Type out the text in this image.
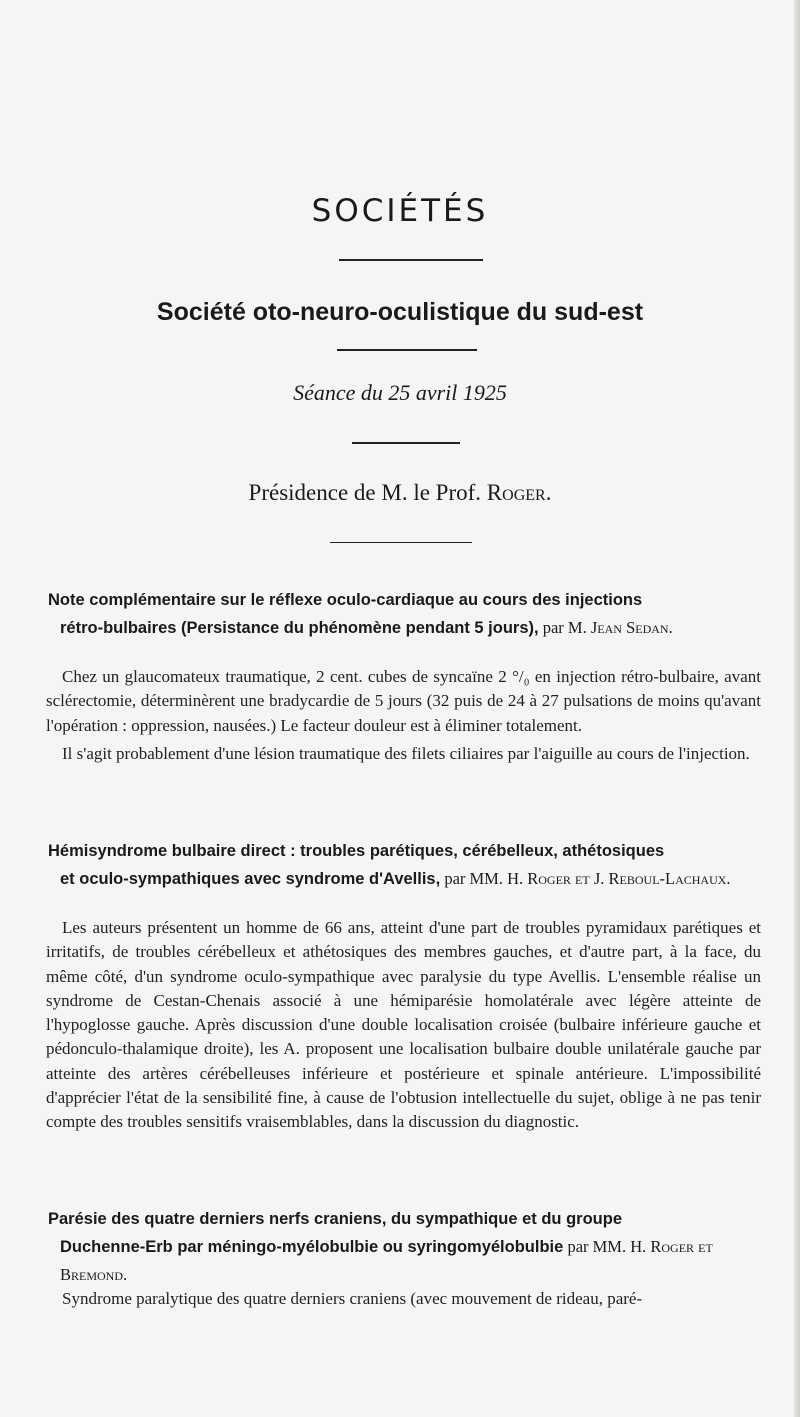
SOCIÉTÉS
Société oto-neuro-oculistique du sud-est
Séance du 25 avril 1925
Présidence de M. le Prof. Roger.
Note complémentaire sur le réflexe oculo-cardiaque au cours des injections
rétro-bulbaires (Persistance du phénomène pendant 5 jours), par M. Jean Sedan.

Chez un glaucomateux traumatique, 2 cent. cubes de syncaïne 2 °/₀ en injection rétro-bulbaire, avant sclérectomie, déterminèrent une bradycardie de 5 jours (32 puis de 24 à 27 pulsations de moins qu'avant l'opération : oppression, nausées.) Le facteur douleur est à éliminer totalement.

Il s'agit probablement d'une lésion traumatique des filets ciliaires par l'aiguille au cours de l'injection.

Hémisyndrome bulbaire direct : troubles parétiques, cérébelleux, athétosiques
et oculo-sympathiques avec syndrome d'Avellis, par MM. H. Roger et J. Reboul-Lachaux.

Les auteurs présentent un homme de 66 ans, atteint d'une part de troubles pyramidaux parétiques et irritatifs, de troubles cérébelleux et athétosiques des membres gauches, et d'autre part, à la face, du même côté, d'un syndrome oculo-sympathique avec paralysie du type Avellis. L'ensemble réalise un syndrome de Cestan-Chenais associé à une hémiparésie homolatérale avec légère atteinte de l'hypoglosse gauche. Après discussion d'une double localisation croisée (bulbaire inférieure gauche et pédonculo-thalamique droite), les A. proposent une localisation bulbaire double unilatérale gauche par atteinte des artères cérébelleuses inférieure et postérieure et spinale antérieure. L'impossibilité d'apprécier l'état de la sensibilité fine, à cause de l'obtusion intellectuelle du sujet, oblige à ne pas tenir compte des troubles sensitifs vraisemblables, dans la discussion du diagnostic.

Parésie des quatre derniers nerfs craniens, du sympathique et du groupe
Duchenne-Erb par méningo-myélobulbie ou syringomyélobulbie par MM. H. Roger et Bremond.

Syndrome paralytique des quatre derniers craniens (avec mouvement de rideau, paré-
